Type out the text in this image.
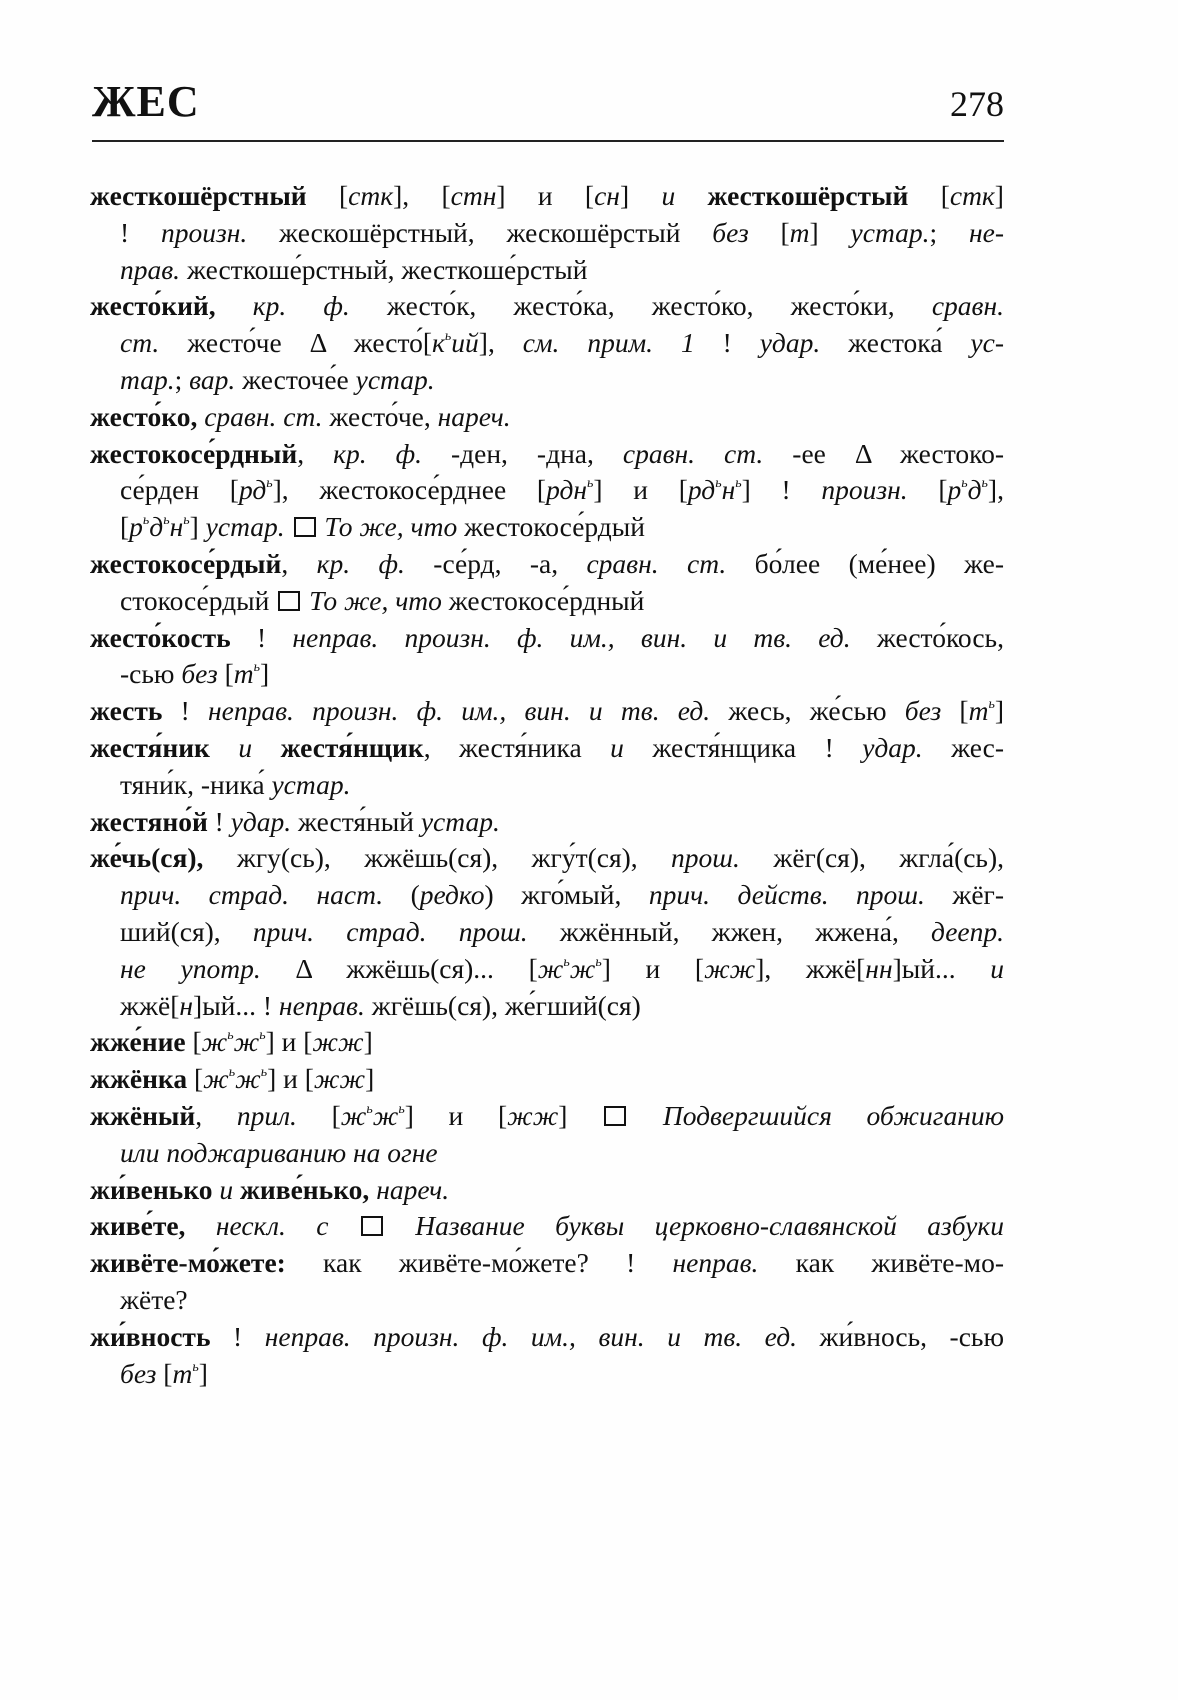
ЖЕС	278
жесткошёрстный [стк], [стн] и [сн] и жесткошёрстый [стк]
! произн. жескошёрстный, жескошёрстый без [т] устар.; не-
прав. жесткоше́рстный, жесткоше́рстый
жесто́кий, кр. ф. жесто́к, жесто́ка, жесто́ко, жесто́ки, сравн.
ст. жесто́че Δ $жесто́[к^ьий]$, см. прим. 1 ! удар. жестока́ ус-
тар.; вар. жесточе́е устар.
жесто́ко, сравн. ст. жесто́че, нареч.
жестокосе́рдный, кр. ф. -ден, -дна, сравн. ст. -ее Δ жестоко-
се́рден $[рд^ь]$, жестокосе́рднее [рдн$^ь$] и $[рд^ьн^ь]$ ! произн. $[р^ьд^ь]$,
$[р^ьд^ьн^ь]$ устар. То же, что жестокосе́рдый
жестокосе́рдый, кр. ф. -се́рд, -а, сравн. ст. бо́лее (ме́нее) же-
стокосе́рдый  То же, что жестокосе́рдный
жесто́кость ! неправ. произн. ф. им., вин. и тв. ед. жесто́кось,
-сью без $[т^ь]$
жесть ! неправ. произн. ф. им., вин. и тв. ед. жесь, же́сью без $[т^ь]$
жестя́ник и жестя́нщик, жестя́ника и жестя́нщика ! удар. жес-
тяни́к, -ника́ устар.
жестяно́й ! удар. жестя́ный устар.
же́чь(ся), жгу(сь), жжёшь(ся), жгу́т(ся), прош. жёг(ся), жгла́(сь),
прич. страд. наст. (редко) жго́мый, прич. действ. прош. жёг-
ший(ся), прич. страд. прош. жжённый, жжен, жжена́, деепр.
не употр. Δ жжёшь(ся)... $[ж^ьж^ь]$ и [жж], жжё[нн]ый... и
жжё[н]ый... ! неправ. жгёшь(ся), же́гший(ся)
жже́ние $[ж^ьж^ь]$ и [жж]
жжёнка $[ж^ьж^ь]$ и [жж]
жжёный, прил. $[ж^ьж^ь]$ и [жж]  Подвергшийся обжиганию
или поджариванию на огне
жи́венько и живе́нько, нареч.
живе́те, нескл. с	Название буквы церковно-славянской азбуки
живёте-мо́жете: как живёте-мо́жете? ! неправ. как живёте-мо-
жёте?
жи́вность ! неправ. произн. ф. им., вин. и тв. ед. жи́внось, -сью
без $[т^ь]$
